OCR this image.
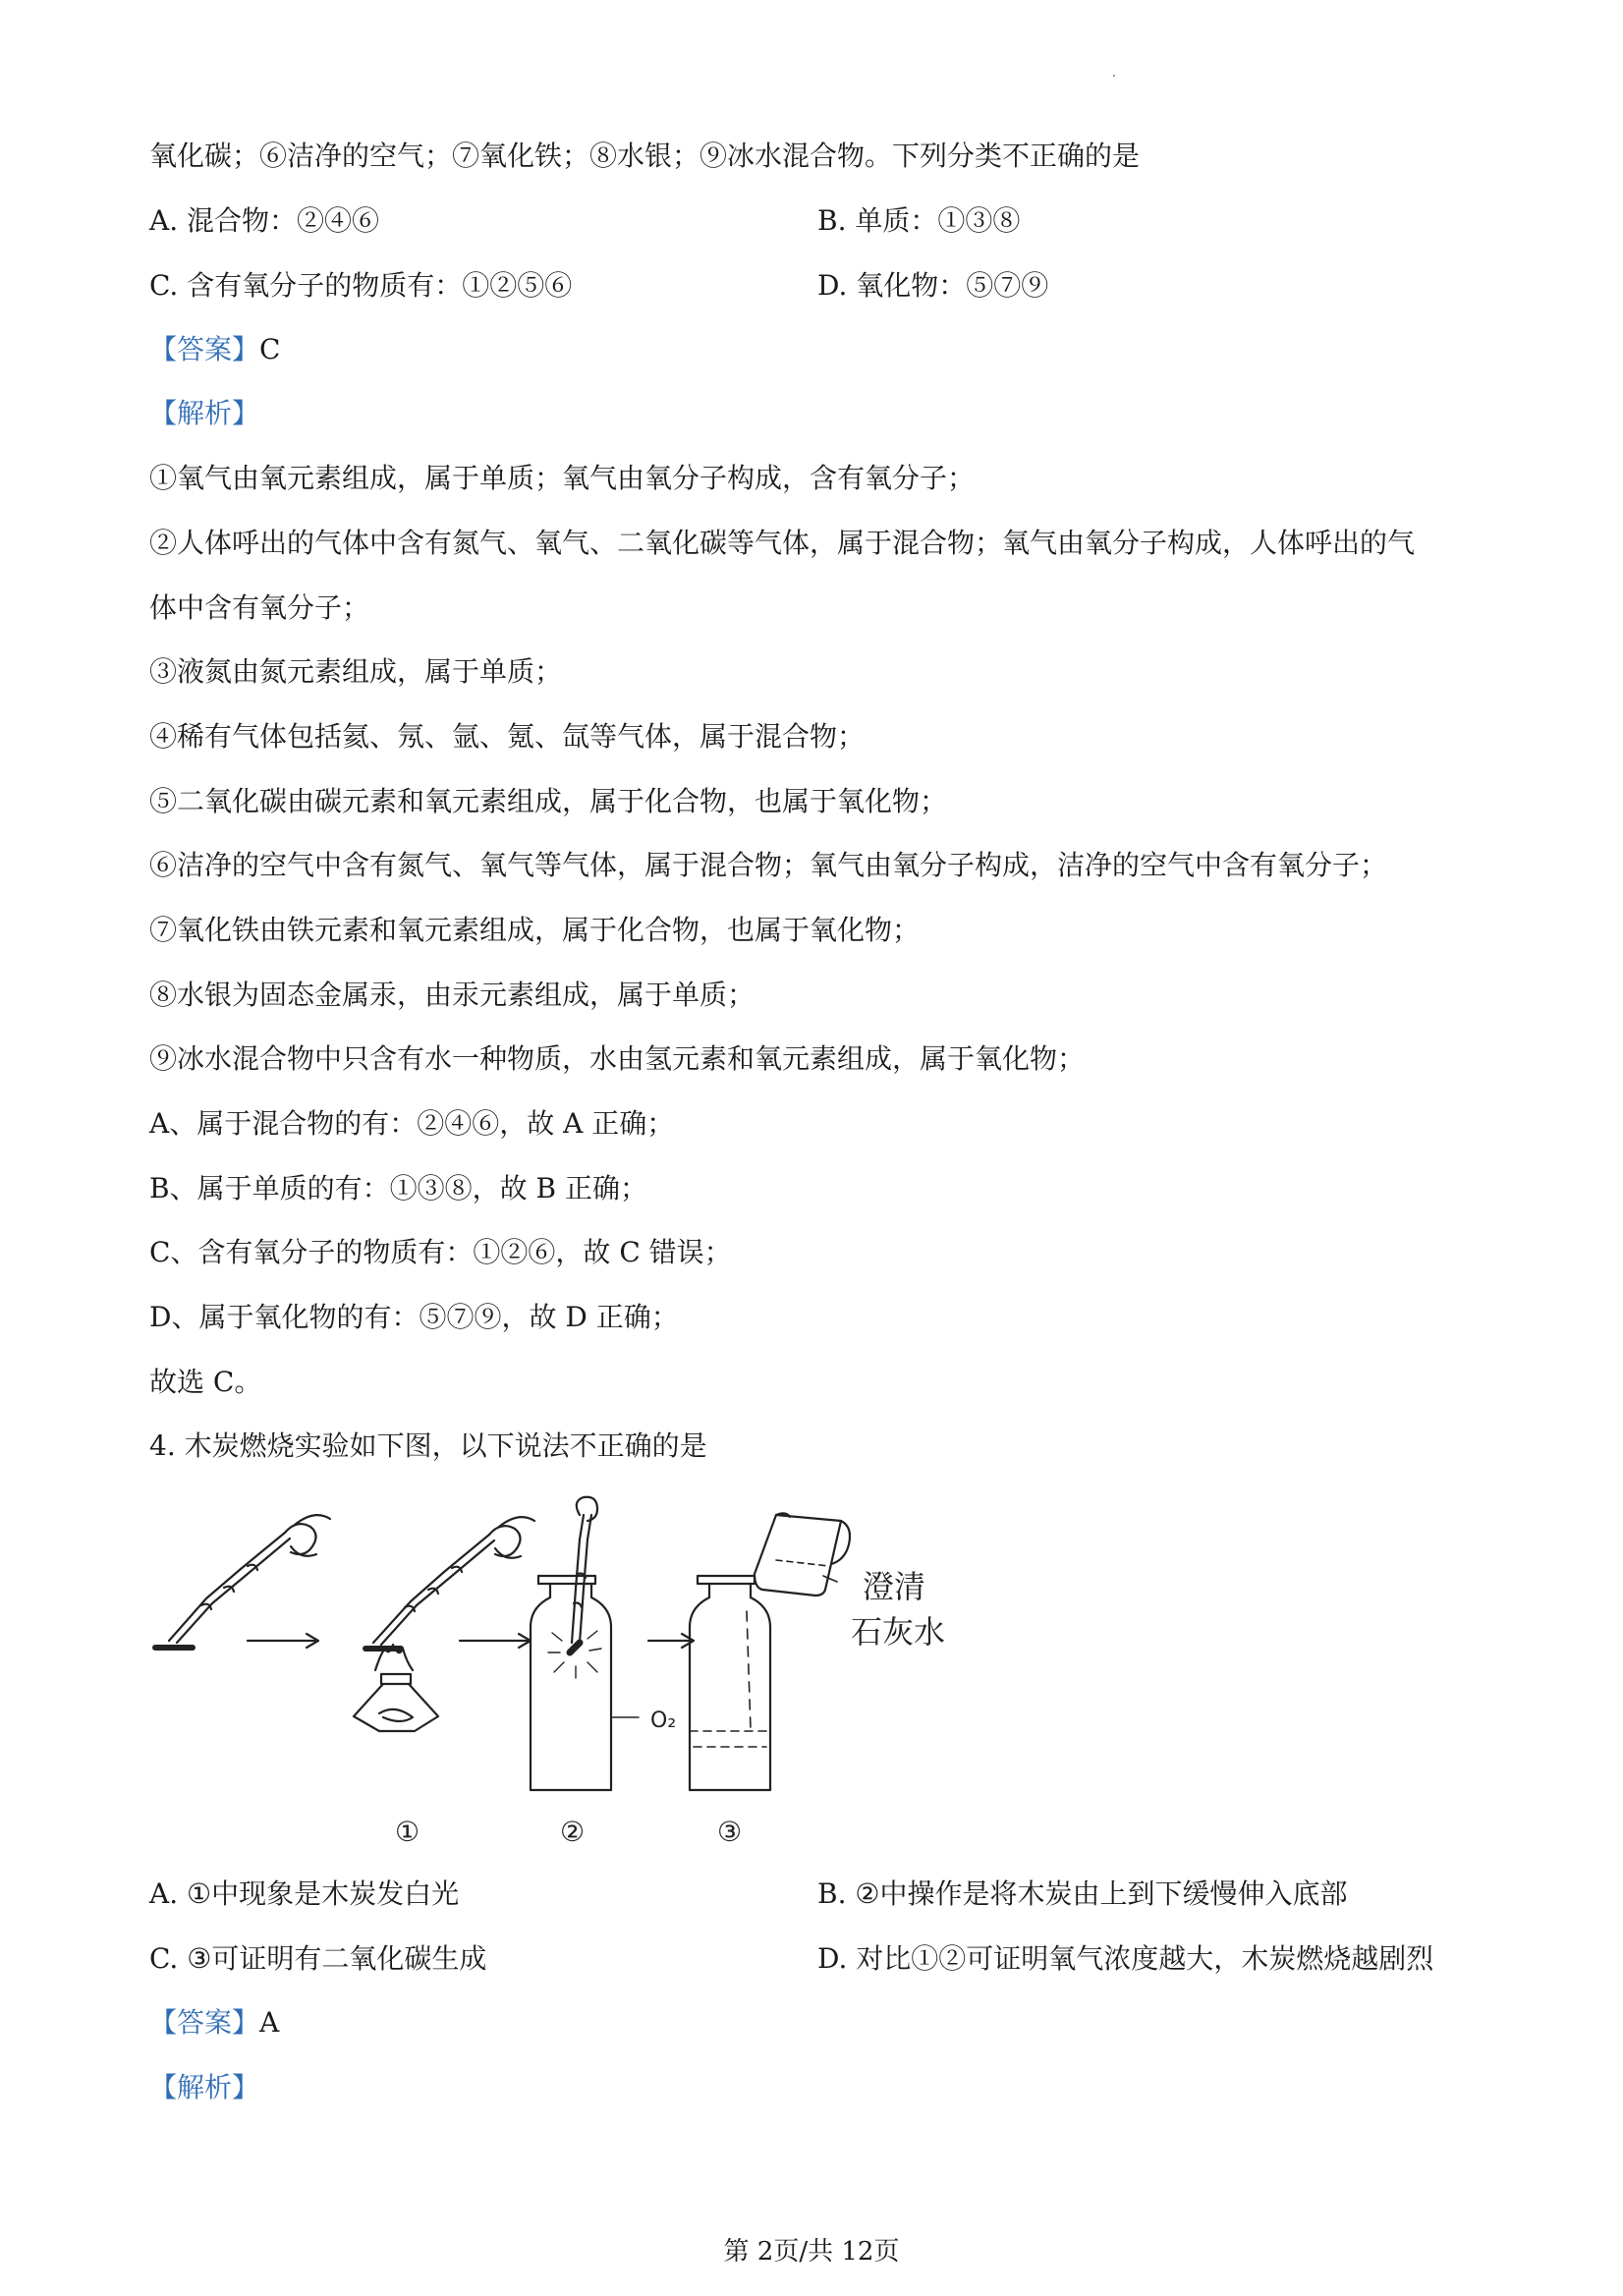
氧化碳；⑥洁净的空气；⑦氧化铁；⑧水银；⑨冰水混合物。下列分类不正确的是
A. 混合物：②④⑥	B. 单质：①③⑧
C. 含有氧分子的物质有：①②⑤⑥	D. 氧化物：⑤⑦⑨
【答案】C
【解析】
①氧气由氧元素组成，属于单质；氧气由氧分子构成，含有氧分子；
②人体呼出的气体中含有氮气、氧气、二氧化碳等气体，属于混合物；氧气由氧分子构成，人体呼出的气
体中含有氧分子；
③液氮由氮元素组成，属于单质；
④稀有气体包括氦、氖、氩、氪、氙等气体，属于混合物；
⑤二氧化碳由碳元素和氧元素组成，属于化合物，也属于氧化物；
⑥洁净的空气中含有氮气、氧气等气体，属于混合物；氧气由氧分子构成，洁净的空气中含有氧分子；
⑦氧化铁由铁元素和氧元素组成，属于化合物，也属于氧化物；
⑧水银为固态金属汞，由汞元素组成，属于单质；
⑨冰水混合物中只含有水一种物质，水由氢元素和氧元素组成，属于氧化物；
A、属于混合物的有：②④⑥，故 A 正确；
B、属于单质的有：①③⑧，故 B 正确；
C、含有氧分子的物质有：①②⑥，故 C 错误；
D、属于氧化物的有：⑤⑦⑨，故 D 正确；
故选 C。
4. 木炭燃烧实验如下图，以下说法不正确的是
O₂
澄清
石灰水
①	②	③
A. ①中现象是木炭发白光	B. ②中操作是将木炭由上到下缓慢伸入底部
C. ③可证明有二氧化碳生成	D. 对比①②可证明氧气浓度越大，木炭燃烧越剧烈
【答案】A
【解析】
第 2页/共 12页
